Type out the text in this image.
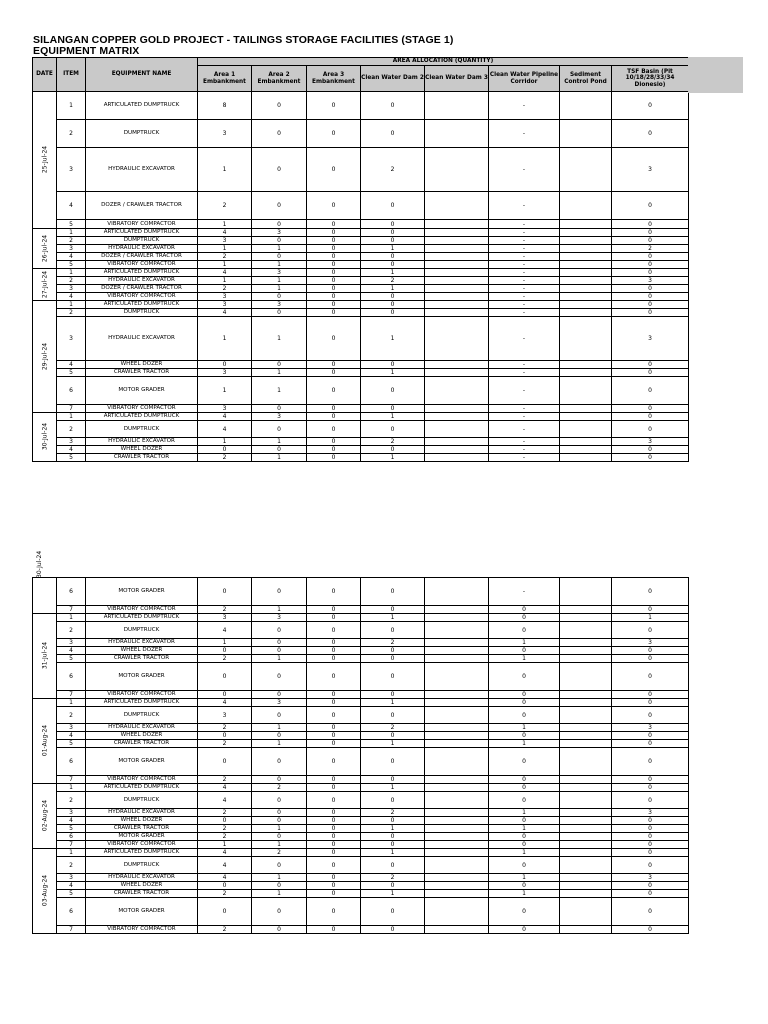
SILANGAN COPPER GOLD PROJECT - TAILINGS STORAGE FACILITIES (STAGE 1)
EQUIPMENT MATRIX
DATE	ITEM	EQUIPMENT NAME	AREA ALLOCATION (QUANTITY)							
			Area 1 Embankment	Area 2 Embankment	Area 3 Embankment	Clean Water Dam 2	Clean Water Dam 3	Clean Water Pipeline Corridor	Sediment Control Pond	TSF Basin (Pit 10/18/28/33/34 Dionesio)

25-Jul-24	1	ARTICULATED DUMPTRUCK	8	0	0	0		-		0
	2	DUMPTRUCK	3	0	0	0		-		0
	3	HYDRAULIC EXCAVATOR	1	0	0	2		-		3
	4	DOZER / CRAWLER TRACTOR	2	0	0	0		-		0
	5	VIBRATORY COMPACTOR	1	0	0	0		-		0

26-Jul-24	1	ARTICULATED DUMPTRUCK	4	3	0	0		-		0
	2	DUMPTRUCK	3	0	0	0		-		0
	3	HYDRAULIC EXCAVATOR	1	1	0	1		-		2
	4	DOZER / CRAWLER TRACTOR	2	0	0	0		-		0
	5	VIBRATORY COMPACTOR	1	1	0	0		-		0

27-Jul-24	1	ARTICULATED DUMPTRUCK	4	3	0	1		-		0
	2	HYDRAULIC EXCAVATOR	1	1	0	2		-		3
	3	DOZER / CRAWLER TRACTOR	2	1	0	1		-		0
	4	VIBRATORY COMPACTOR	3	0	0	0		-		0

29-Jul-24	1	ARTICULATED DUMPTRUCK	3	3	0	0		-		0
	2	DUMPTRUCK	4	0	0	0		-		0
	3	HYDRAULIC EXCAVATOR	1	1	0	1		-		3
	4	WHEEL DOZER	0	0	0	0		-		0
	5	CRAWLER TRACTOR	3	1	0	1		-		0
	6	MOTOR GRADER	1	1	0	0		-		0
	7	VIBRATORY COMPACTOR	3	0	0	0		-		0

30-Jul-24	1	ARTICULATED DUMPTRUCK	4	3	0	1		-		0
	2	DUMPTRUCK	4	0	0	0		-		0
	3	HYDRAULIC EXCAVATOR	1	1	0	2		-		3
	4	WHEEL DOZER	0	0	0	0		-		0
	5	CRAWLER TRACTOR	2	1	0	1		-		0
	6	MOTOR GRADER	0	0	0	0		-		0
	7	VIBRATORY COMPACTOR	2	1	0	0		0		0

31-Jul-24	1	ARTICULATED DUMPTRUCK	3	3	0	1		0		1
	2	DUMPTRUCK	4	0	0	0		0		0
	3	HYDRAULIC EXCAVATOR	1	0	0	2		1		3
	4	WHEEL DOZER	0	0	0	0		0		0
	5	CRAWLER TRACTOR	2	1	0	0		1		0
	6	MOTOR GRADER	0	0	0	0		0		0
	7	VIBRATORY COMPACTOR	0	0	0	0		0		0

01-Aug-24	1	ARTICULATED DUMPTRUCK	4	3	0	1		0		0
	2	DUMPTRUCK	3	0	0	0		0		0
	3	HYDRAULIC EXCAVATOR	2	1	0	2		1		3
	4	WHEEL DOZER	0	0	0	0		0		0
	5	CRAWLER TRACTOR	2	1	0	1		1		0
	6	MOTOR GRADER	0	0	0	0		0		0
	7	VIBRATORY COMPACTOR	2	0	0	0		0		0

02-Aug-24	1	ARTICULATED DUMPTRUCK	4	2	0	1		0		0
	2	DUMPTRUCK	4	0	0	0		0		0
	3	HYDRAULIC EXCAVATOR	2	0	0	2		1		3
	4	WHEEL DOZER	0	0	0	0		0		0
	5	CRAWLER TRACTOR	2	1	0	1		1		0
	6	MOTOR GRADER	2	0	0	0		0		0
	7	VIBRATORY COMPACTOR	1	1	0	0		0		0

03-Aug-24	1	ARTICULATED DUMPTRUCK	4	2	0	1		1		0
	2	DUMPTRUCK	4	0	0	0		0		0
	3	HYDRAULIC EXCAVATOR	4	1	0	2		1		3
	4	WHEEL DOZER	0	0	0	0		0		0
	5	CRAWLER TRACTOR	2	1	0	1		1		0
	6	MOTOR GRADER	0	0	0	0		0		0
	7	VIBRATORY COMPACTOR	2	0	0	0		0		0
30-Jul-24
